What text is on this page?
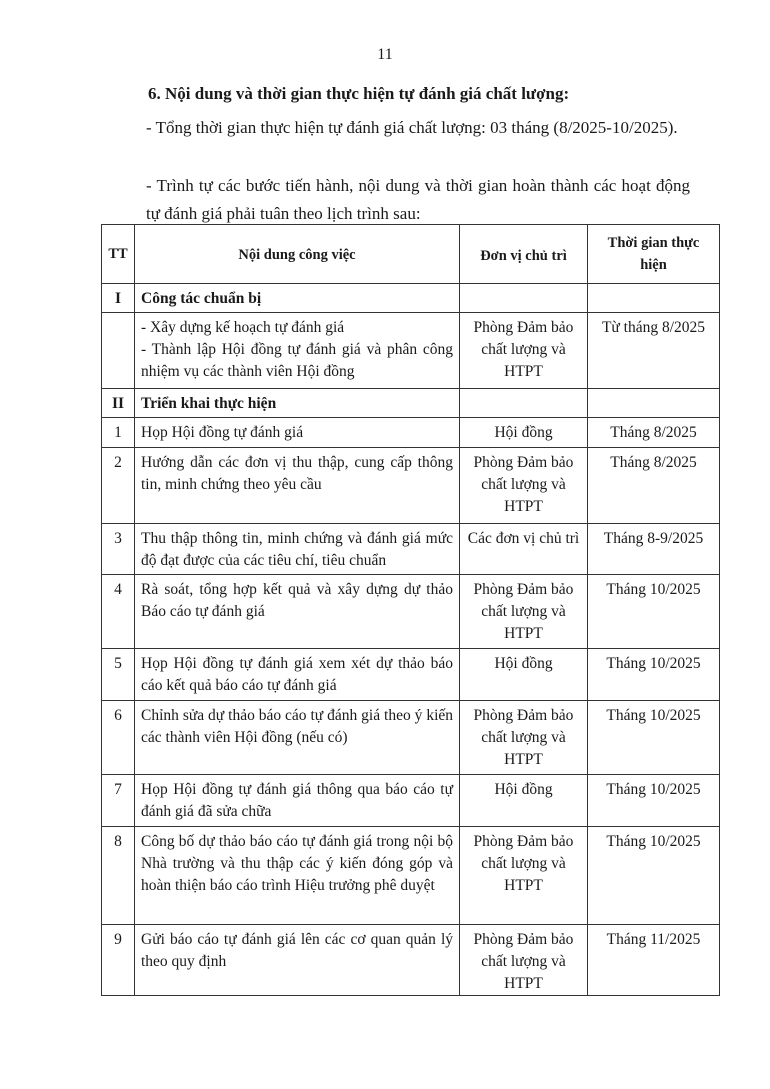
11
6. Nội dung và thời gian thực hiện tự đánh giá chất lượng:
- Tổng thời gian thực hiện tự đánh giá chất lượng: 03 tháng (8/2025-10/2025).
- Trình tự các bước tiến hành, nội dung và thời gian hoàn thành các hoạt động tự đánh giá phải tuân theo lịch trình sau:
TT	Nội dung công việc	Đơn vị chủ trì	Thời gian thực hiện
I	Công tác chuẩn bị		

	- Xây dựng kế hoạch tự đánh giá
- Thành lập Hội đồng tự đánh giá và phân công nhiệm vụ các thành viên Hội đồng	Phòng Đảm bảo chất lượng và HTPT	Từ tháng 8/2025
II	Triển khai thực hiện		
1	Họp Hội đồng tự đánh giá	Hội đồng	Tháng 8/2025
2	Hướng dẫn các đơn vị thu thập, cung cấp thông tin, minh chứng theo yêu cầu	Phòng Đảm bảo chất lượng và HTPT	Tháng 8/2025
3	Thu thập thông tin, minh chứng và đánh giá mức độ đạt được của các tiêu chí, tiêu chuẩn	Các đơn vị chủ trì	Tháng 8-9/2025
4	Rà soát, tổng hợp kết quả và xây dựng dự thảo Báo cáo tự đánh giá	Phòng Đảm bảo chất lượng và HTPT	Tháng 10/2025
5	Họp Hội đồng tự đánh giá xem xét dự thảo báo cáo kết quả báo cáo tự đánh giá	Hội đồng	Tháng 10/2025
6	Chỉnh sửa dự thảo báo cáo tự đánh giá theo ý kiến các thành viên Hội đồng (nếu có)	Phòng Đảm bảo chất lượng và HTPT	Tháng 10/2025
7	Họp Hội đồng tự đánh giá thông qua báo cáo tự đánh giá đã sửa chữa	Hội đồng	Tháng 10/2025
8	Công bố dự thảo báo cáo tự đánh giá trong nội bộ Nhà trường và thu thập các ý kiến đóng góp và hoàn thiện báo cáo trình Hiệu trưởng phê duyệt	Phòng Đảm bảo chất lượng và HTPT	Tháng 10/2025
9	Gửi báo cáo tự đánh giá lên các cơ quan quản lý theo quy định	Phòng Đảm bảo chất lượng và HTPT	Tháng 11/2025
